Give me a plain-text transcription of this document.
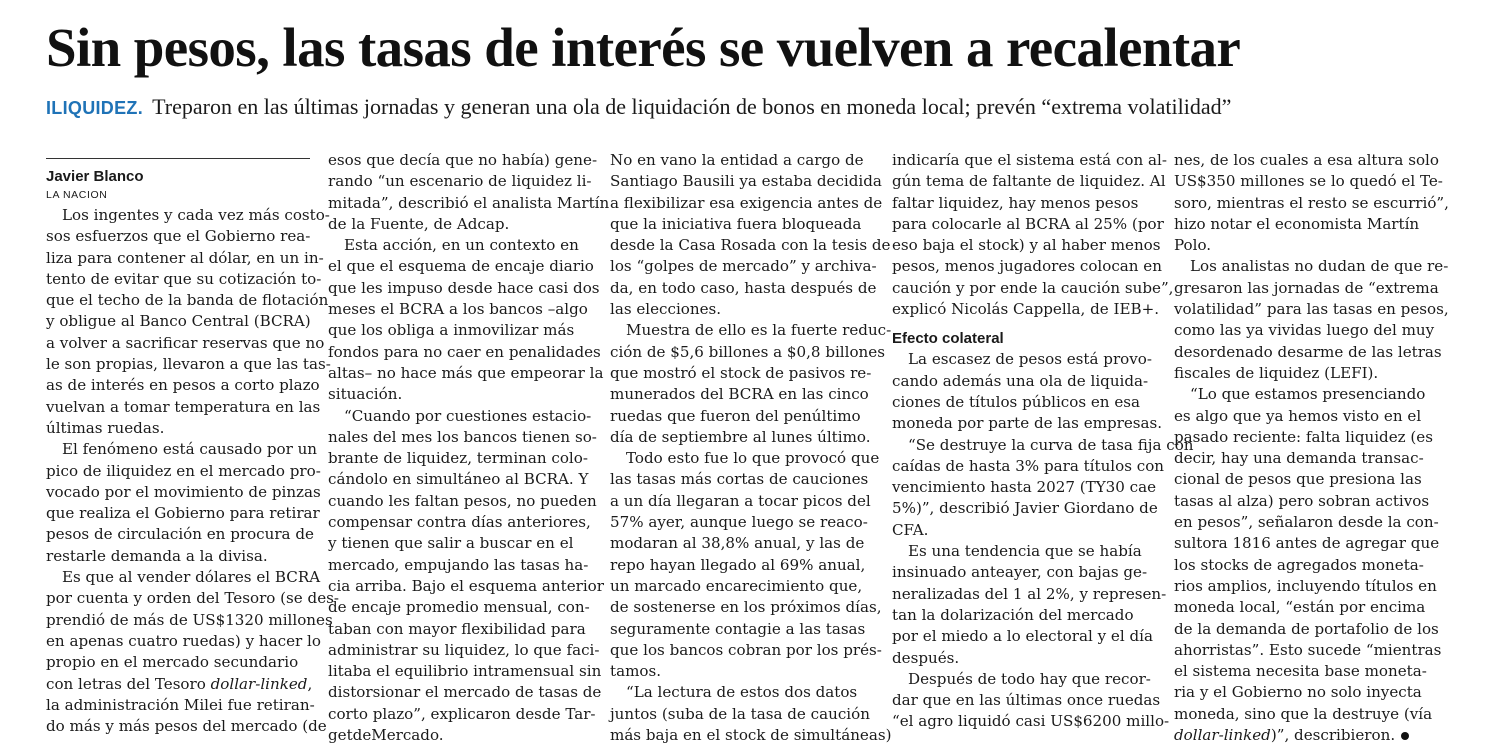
Sin pesos, las tasas de interés se vuelven a recalentar
ILIQUIDEZ. Treparon en las últimas jornadas y generan una ola de liquidación de bonos en moneda local; prevén “extrema volatilidad”
Javier Blanco
LA NACION
Los ingentes y cada vez más costo-
sos esfuerzos que el Gobierno rea-
liza para contener al dólar, en un in-
tento de evitar que su cotización to-
que el techo de la banda de flotación
y obligue al Banco Central (BCRA)
a volver a sacrificar reservas que no
le son propias, llevaron a que las tas-
as de interés en pesos a corto plazo
vuelvan a tomar temperatura en las
últimas ruedas.
El fenómeno está causado por un
pico de iliquidez en el mercado pro-
vocado por el movimiento de pinzas
que realiza el Gobierno para retirar
pesos de circulación en procura de
restarle demanda a la divisa.
Es que al vender dólares el BCRA
por cuenta y orden del Tesoro (se des-
prendió de más de US$1320 millones
en apenas cuatro ruedas) y hacer lo
propio en el mercado secundario
con letras del Tesoro dollar-linked,
la administración Milei fue retiran-
do más y más pesos del mercado (de
esos que decía que no había) gene-
rando “un escenario de liquidez li-
mitada”, describió el analista Martín
de la Fuente, de Adcap.
Esta acción, en un contexto en
el que el esquema de encaje diario
que les impuso desde hace casi dos
meses el BCRA a los bancos –algo
que los obliga a inmovilizar más
fondos para no caer en penalidades
altas– no hace más que empeorar la
situación.
“Cuando por cuestiones estacio-
nales del mes los bancos tienen so-
brante de liquidez, terminan colo-
cándolo en simultáneo al BCRA. Y
cuando les faltan pesos, no pueden
compensar contra días anteriores,
y tienen que salir a buscar en el
mercado, empujando las tasas ha-
cia arriba. Bajo el esquema anterior
de encaje promedio mensual, con-
taban con mayor flexibilidad para
administrar su liquidez, lo que faci-
litaba el equilibrio intramensual sin
distorsionar el mercado de tasas de
corto plazo”, explicaron desde Tar-
getdeMercado.
No en vano la entidad a cargo de
Santiago Bausili ya estaba decidida
a flexibilizar esa exigencia antes de
que la iniciativa fuera bloqueada
desde la Casa Rosada con la tesis de
los “golpes de mercado” y archiva-
da, en todo caso, hasta después de
las elecciones.
Muestra de ello es la fuerte reduc-
ción de $5,6 billones a $0,8 billones
que mostró el stock de pasivos re-
munerados del BCRA en las cinco
ruedas que fueron del penúltimo
día de septiembre al lunes último.
Todo esto fue lo que provocó que
las tasas más cortas de cauciones
a un día llegaran a tocar picos del
57% ayer, aunque luego se reaco-
modaran al 38,8% anual, y las de
repo hayan llegado al 69% anual,
un marcado encarecimiento que,
de sostenerse en los próximos días,
seguramente contagie a las tasas
que los bancos cobran por los prés-
tamos.
“La lectura de estos dos datos
juntos (suba de la tasa de caución
más baja en el stock de simultáneas)
indicaría que el sistema está con al-
gún tema de faltante de liquidez. Al
faltar liquidez, hay menos pesos
para colocarle al BCRA al 25% (por
eso baja el stock) y al haber menos
pesos, menos jugadores colocan en
caución y por ende la caución sube”,
explicó Nicolás Cappella, de IEB+.
Efecto colateral
La escasez de pesos está provo-
cando además una ola de liquida-
ciones de títulos públicos en esa
moneda por parte de las empresas.
“Se destruye la curva de tasa fija con
caídas de hasta 3% para títulos con
vencimiento hasta 2027 (TY30 cae
5%)”, describió Javier Giordano de
CFA.
Es una tendencia que se había
insinuado anteayer, con bajas ge-
neralizadas del 1 al 2%, y represen-
tan la dolarización del mercado
por el miedo a lo electoral y el día
después.
Después de todo hay que recor-
dar que en las últimas once ruedas
“el agro liquidó casi US$6200 millo-
nes, de los cuales a esa altura solo
US$350 millones se lo quedó el Te-
soro, mientras el resto se escurrió”,
hizo notar el economista Martín
Polo.
Los analistas no dudan de que re-
gresaron las jornadas de “extrema
volatilidad” para las tasas en pesos,
como las ya vividas luego del muy
desordenado desarme de las letras
fiscales de liquidez (LEFI).
“Lo que estamos presenciando
es algo que ya hemos visto en el
pasado reciente: falta liquidez (es
decir, hay una demanda transac-
cional de pesos que presiona las
tasas al alza) pero sobran activos
en pesos”, señalaron desde la con-
sultora 1816 antes de agregar que
los stocks de agregados moneta-
rios amplios, incluyendo títulos en
moneda local, “están por encima
de la demanda de portafolio de los
ahorristas”. Esto sucede “mientras
el sistema necesita base moneta-
ria y el Gobierno no solo inyecta
moneda, sino que la destruye (vía
dollar-linked)”, describieron.
